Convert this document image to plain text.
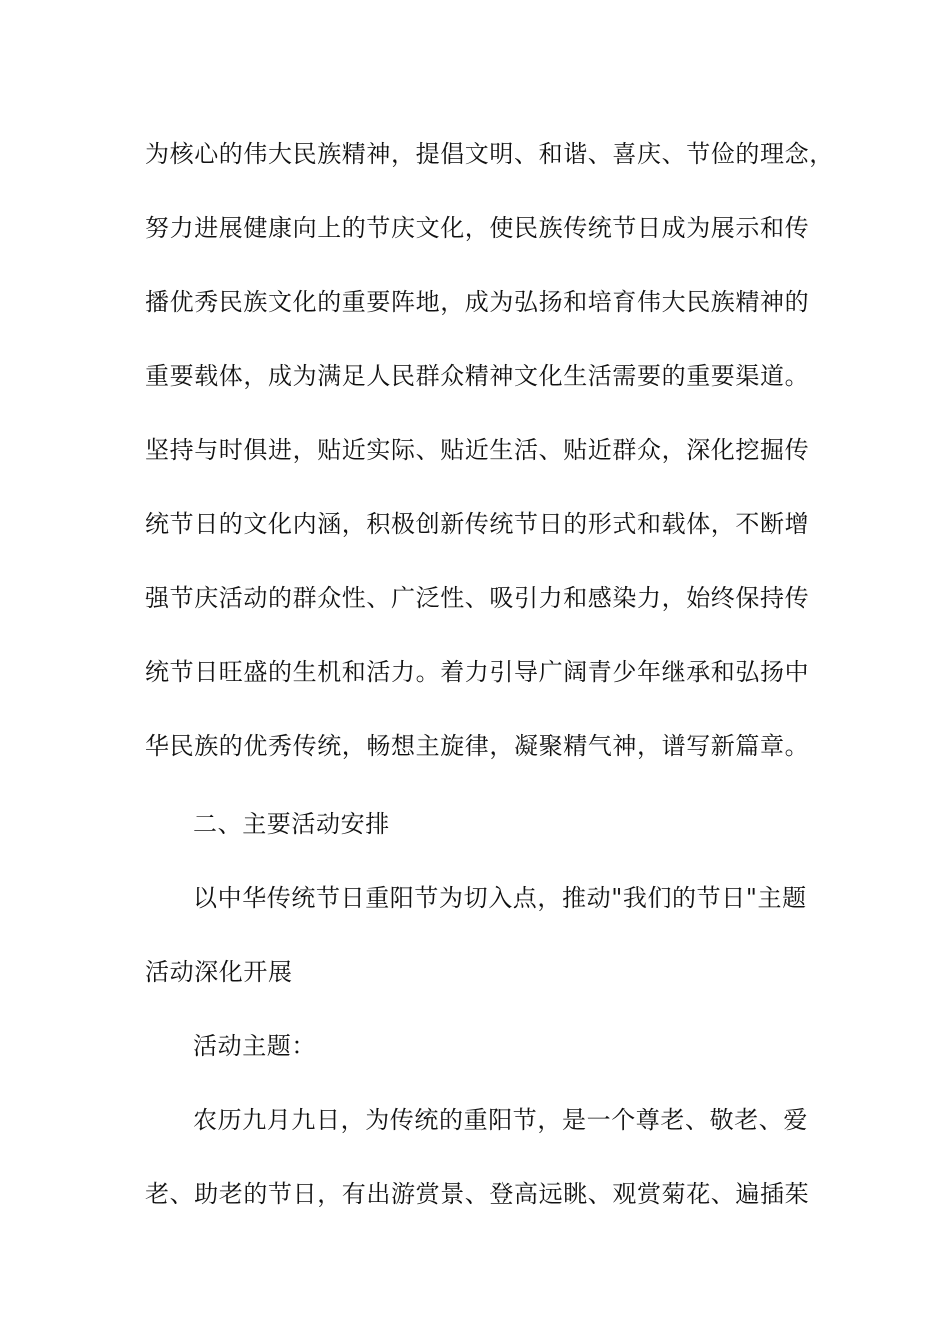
为核心的伟大民族精神，提倡文明、和谐、喜庆、节俭的理念，
努力进展健康向上的节庆文化，使民族传统节日成为展示和传
播优秀民族文化的重要阵地，成为弘扬和培育伟大民族精神的
重要载体，成为满足人民群众精神文化生活需要的重要渠道。
坚持与时俱进，贴近实际、贴近生活、贴近群众，深化挖掘传
统节日的文化内涵，积极创新传统节日的形式和载体，不断增
强节庆活动的群众性、广泛性、吸引力和感染力，始终保持传
统节日旺盛的生机和活力。着力引导广阔青少年继承和弘扬中
华民族的优秀传统，畅想主旋律，凝聚精气神，谱写新篇章。
二、主要活动安排
以中华传统节日重阳节为切入点，推动"我们的节日"主题
活动深化开展
活动主题：
农历九月九日，为传统的重阳节，是一个尊老、敬老、爱
老、助老的节日，有出游赏景、登高远眺、观赏菊花、遍插茱
